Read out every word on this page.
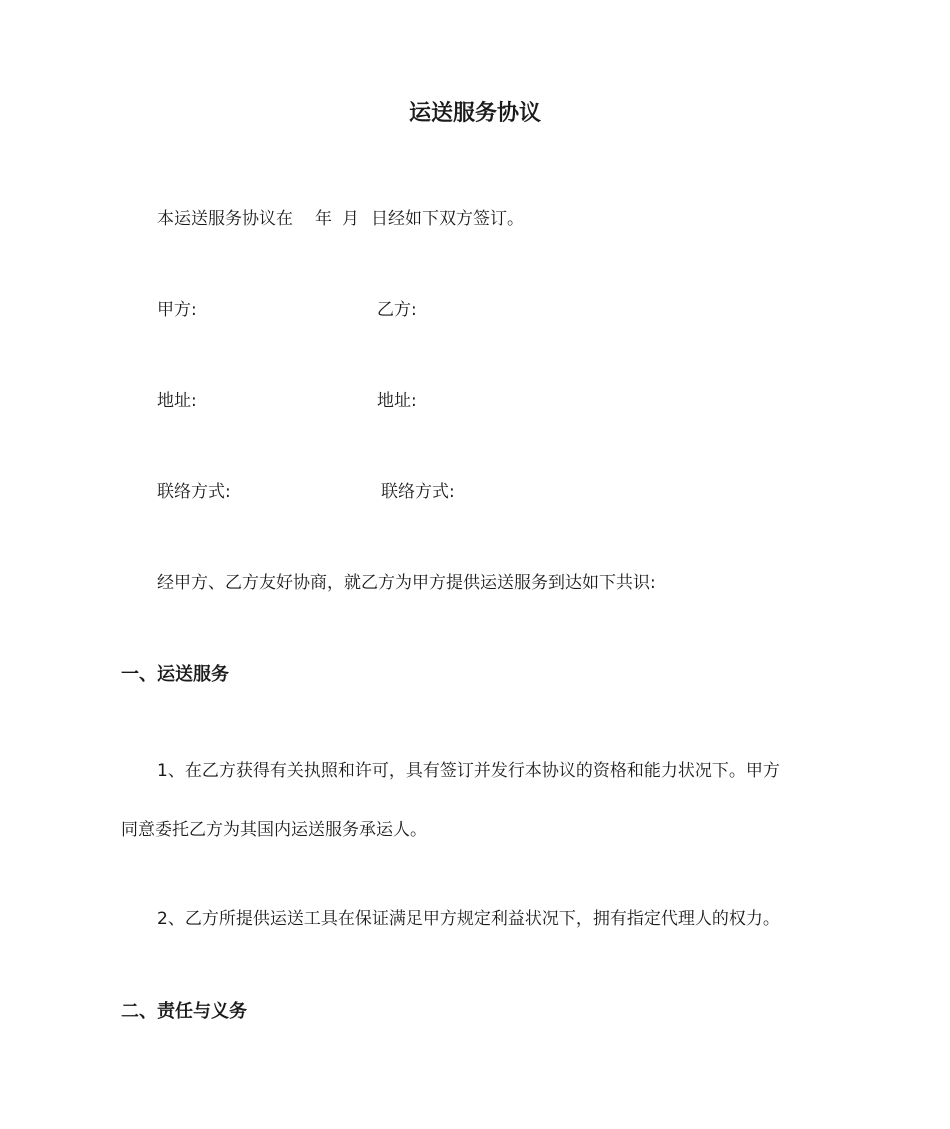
运送服务协议

本运送服务协议在 年 月 日经如下双方签订。

甲方:	乙方:

地址:	地址:

联络方式:	联络方式:

经甲方、乙方友好协商，就乙方为甲方提供运送服务到达如下共识:

一、运送服务

1、在乙方获得有关执照和许可，具有签订并发行本协议的资格和能力状况下。甲方

同意委托乙方为其国内运送服务承运人。

2、乙方所提供运送工具在保证满足甲方规定利益状况下，拥有指定代理人的权力。

二、责任与义务
